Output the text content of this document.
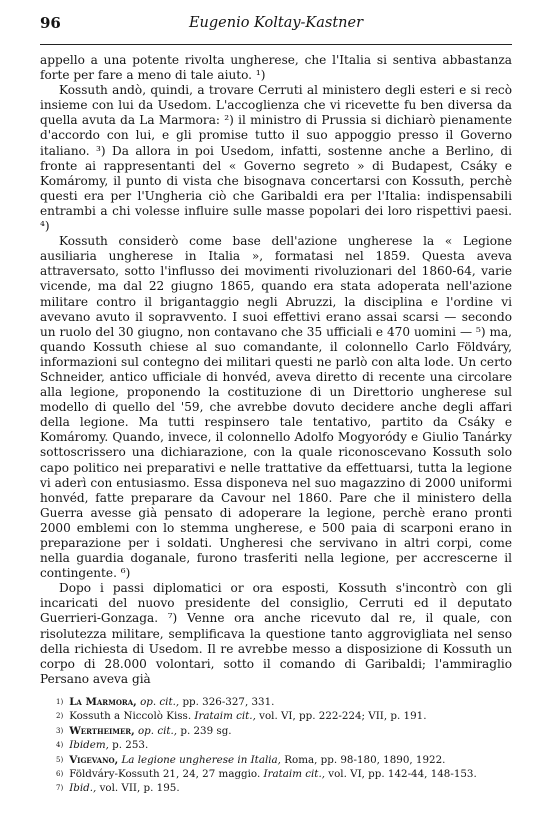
96	Eugenio Koltay-Kastner

appello a una potente rivolta ungherese, che l'Italia si sentiva abbastanza forte per fare a meno di tale aiuto. ¹)

Kossuth andò, quindi, a trovare Cerruti al ministero degli esteri e si recò insieme con lui da Usedom. L'accoglienza che vi ricevette fu ben diversa da quella avuta da La Marmora: ²) il ministro di Prussia si dichiarò pienamente d'accordo con lui, e gli promise tutto il suo appoggio presso il Governo italiano. ³) Da allora in poi Usedom, infatti, sostenne anche a Berlino, di fronte ai rappresentanti del « Governo segreto » di Budapest, Csáky e Komáromy, il punto di vista che bisognava concertarsi con Kossuth, perchè questi era per l'Ungheria ciò che Garibaldi era per l'Italia: indispensabili entrambi a chi volesse influire sulle masse popolari dei loro rispettivi paesi. ⁴)

Kossuth considerò come base dell'azione ungherese la « Legione ausiliaria ungherese in Italia », formatasi nel 1859. Questa aveva attraversato, sotto l'influsso dei movimenti rivoluzionari del 1860-64, varie vicende, ma dal 22 giugno 1865, quando era stata adoperata nell'azione militare contro il brigantaggio negli Abruzzi, la disciplina e l'ordine vi avevano avuto il sopravvento. I suoi effettivi erano assai scarsi — secondo un ruolo del 30 giugno, non contavano che 35 ufficiali e 470 uomini — ⁵) ma, quando Kossuth chiese al suo comandante, il colonnello Carlo Földváry, informazioni sul contegno dei militari questi ne parlò con alta lode. Un certo Schneider, antico ufficiale di honvéd, aveva diretto di recente una circolare alla legione, proponendo la costituzione di un Direttorio ungherese sul modello di quello del '59, che avrebbe dovuto decidere anche degli affari della legione. Ma tutti respinsero tale tentativo, partito da Csáky e Komáromy. Quando, invece, il colonnello Adolfo Mogyoródy e Giulio Tanárky sottoscrissero una dichiarazione, con la quale riconoscevano Kossuth solo capo politico nei preparativi e nelle trattative da effettuarsi, tutta la legione vi aderì con entusiasmo. Essa disponeva nel suo magazzino di 2000 uniformi honvéd, fatte preparare da Cavour nel 1860. Pare che il ministero della Guerra avesse già pensato di adoperare la legione, perchè erano pronti 2000 emblemi con lo stemma ungherese, e 500 paia di scarponi erano in preparazione per i soldati. Ungheresi che servivano in altri corpi, come nella guardia doganale, furono trasferiti nella legione, per accrescerne il contingente. ⁶)

Dopo i passi diplomatici or ora esposti, Kossuth s'incontrò con gli incaricati del nuovo presidente del consiglio, Cerruti ed il deputato Guerrieri-Gonzaga. ⁷) Venne ora anche ricevuto dal re, il quale, con risolutezza militare, semplificava la questione tanto aggrovigliata nel senso della richiesta di Usedom. Il re avrebbe messo a disposizione di Kossuth un corpo di 28.000 volontari, sotto il comando di Garibaldi; l'ammiraglio Persano aveva già

$^{1)}$ La Marmora, op. cit., pp. 326-327, 331.
$^{2)}$ Kossuth a Niccolò Kiss. Irataim cit., vol. VI, pp. 222-224; VII, p. 191.
$^{3)}$ Wertheimer, op. cit., p. 239 sg.
$^{4)}$ Ibidem, p. 253.
$^{5)}$ Vigevano, La legione ungherese in Italia, Roma, pp. 98-180, 1890, 1922.
$^{6)}$ Földváry-Kossuth 21, 24, 27 maggio. Irataim cit., vol. VI, pp. 142-44, 148-153.
$^{7)}$ Ibid., vol. VII, p. 195.
